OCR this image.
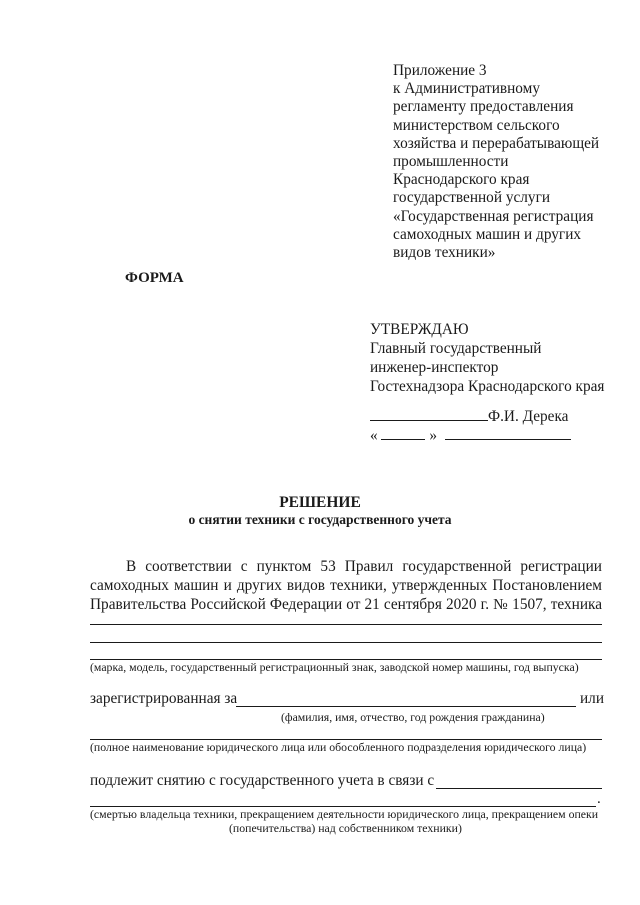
Приложение 3
к Административному
регламенту предоставления
министерством сельского
хозяйства и перерабатывающей
промышленности
Краснодарского края
государственной услуги
«Государственная регистрация
самоходных машин и других
видов техники»
ФОРМА
УТВЕРЖДАЮ
Главный государственный
инженер-инспектор
Гостехнадзора Краснодарского края
Ф.И. Дерека
«	»
РЕШЕНИЕ
о снятии техники с государственного учета
В соответствии с пунктом 53 Правил государственной регистрации
самоходных машин и других видов техники, утвержденных Постановлением
Правительства Российской Федерации от 21 сентября 2020 г. № 1507, техника
(марка, модель, государственный регистрационный знак, заводской номер машины, год выпуска)
зарегистрированная за	или
(фамилия, имя, отчество, год рождения гражданина)
(полное наименование юридического лица или обособленного подразделения юридического лица)
подлежит снятию с государственного учета в связи с
.
(смертью владельца техники, прекращением деятельности юридического лица, прекращением опеки
(попечительства) над собственником техники)
